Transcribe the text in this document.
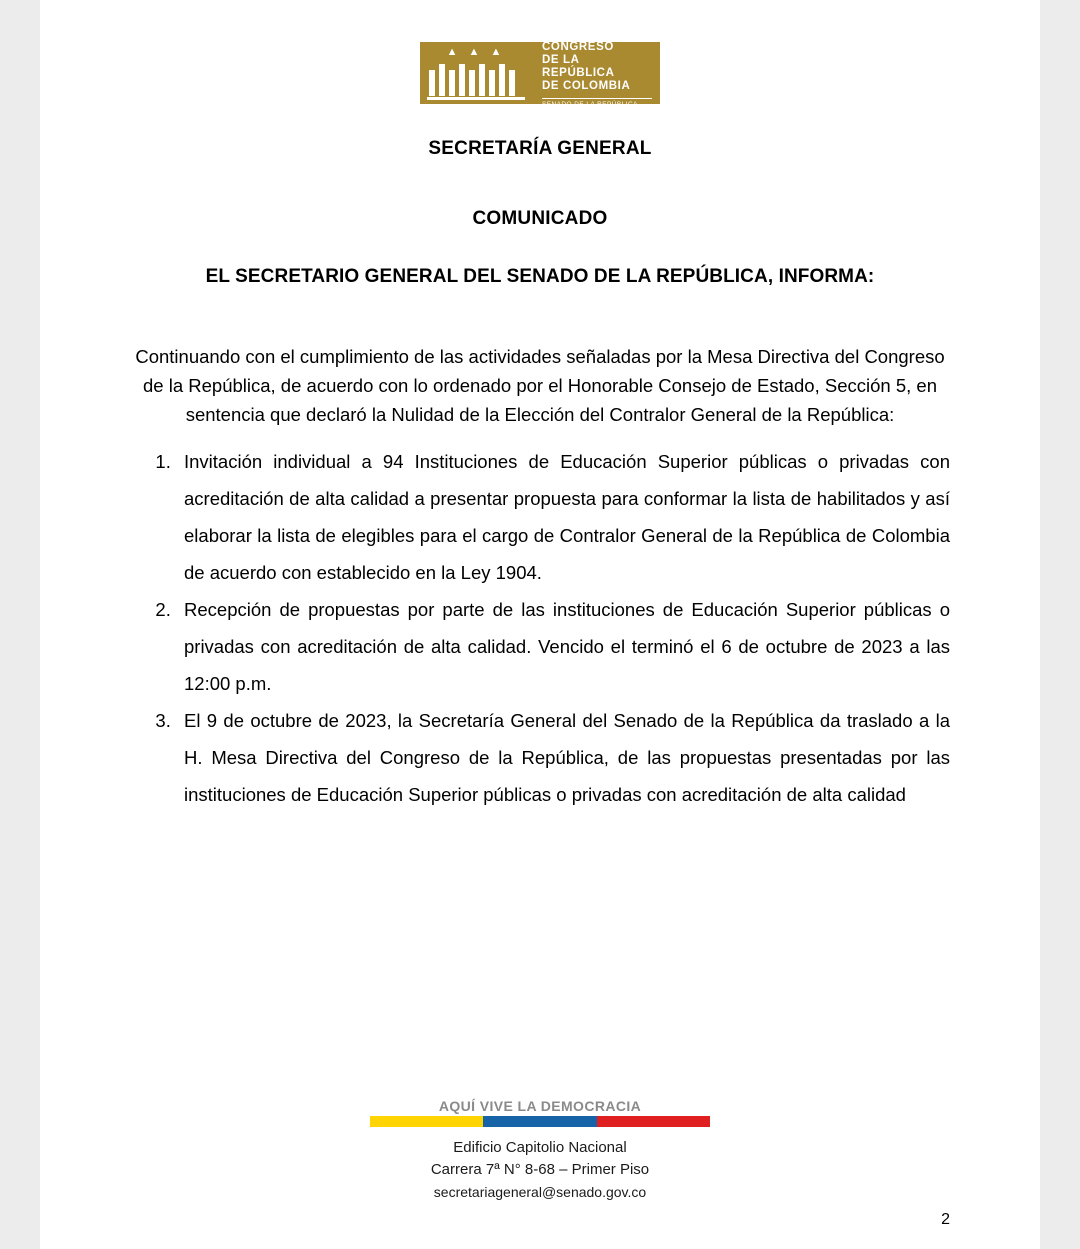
▲ ▲ ▲	CONGRESO
DE LA REPÚBLICA
DE COLOMBIA
SENADO DE LA REPÚBLICA
SECRETARÍA GENERAL
COMUNICADO
EL SECRETARIO GENERAL DEL SENADO DE LA REPÚBLICA, INFORMA:

Continuando con el cumplimiento de las actividades señaladas por la Mesa Directiva del Congreso de la República, de acuerdo con lo ordenado por el Honorable Consejo de Estado, Sección 5, en sentencia que declaró la Nulidad de la Elección del Contralor General de la República:

1. Invitación individual a 94 Instituciones de Educación Superior públicas o privadas con acreditación de alta calidad a presentar propuesta para conformar la lista de habilitados y así elaborar la lista de elegibles para el cargo de Contralor General de la República de Colombia de acuerdo con establecido en la Ley 1904.
2. Recepción de propuestas por parte de las instituciones de Educación Superior públicas o privadas con acreditación de alta calidad. Vencido el terminó el 6 de octubre de 2023 a las 12:00 p.m.
3. El 9 de octubre de 2023, la Secretaría General del Senado de la República da traslado a la H. Mesa Directiva del Congreso de la República, de las propuestas presentadas por las instituciones de Educación Superior públicas o privadas con acreditación de alta calidad
AQUÍ VIVE LA DEMOCRACIA
Edificio Capitolio Nacional
Carrera 7ª N° 8-68 – Primer Piso
secretariageneral@senado.gov.co
2
